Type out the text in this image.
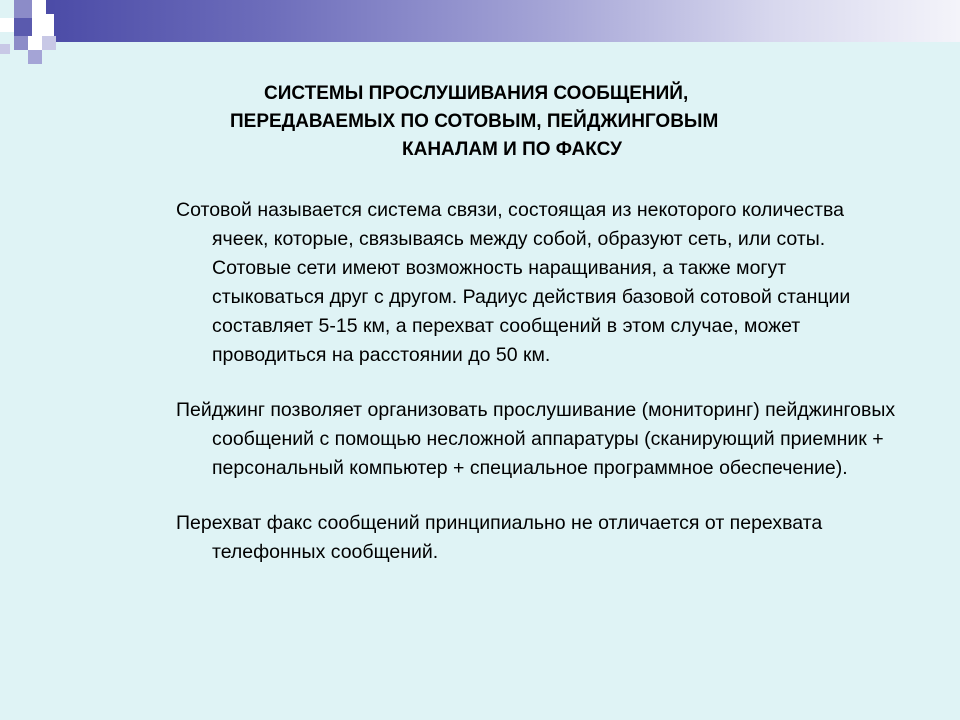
СИСТЕМЫ ПРОСЛУШИВАНИЯ СООБЩЕНИЙ,
ПЕРЕДАВАЕМЫХ ПО СОТОВЫМ, ПЕЙДЖИНГОВЫМ
КАНАЛАМ И ПО ФАКСУ

Сотовой называется система связи, состоящая из некоторого количества ячеек, которые, связываясь между собой, образуют сеть, или соты. Сотовые сети имеют возможность наращивания, а также могут стыковаться друг с другом. Радиус действия базовой сотовой станции составляет 5-15 км, а перехват сообщений в этом случае, может проводиться на расстоянии до 50 км.

Пейджинг позволяет организовать прослушивание (мониторинг) пейджинговых сообщений с помощью несложной аппаратуры (сканирующий приемник + персональный компьютер + специальное программное обеспечение).

Перехват факс сообщений принципиально не отличается от перехвата телефонных сообщений.
